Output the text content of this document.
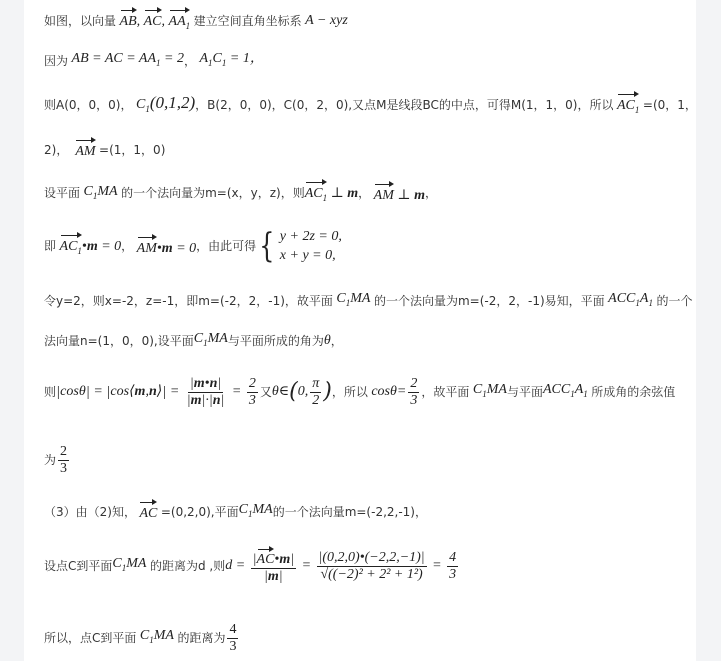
如图，以向量 AB, AC, $AA_1$ 建立空间直角坐标系 A − xyz
因为 AB = AC = $AA_1 = 2$ ， $A_1C_1 = 1$，
则A(0，0，0)， $C_1(0,1,2)$ ，B(2，0，0)，C(0，2，0),又点M是线段BC的中点，可得M(1，1，0)，所以 $AC_1 =(0$，1，
2)， AM =(1，1，0)
设平面 $C_1MA$ 的一个法向量为m=(x，y，z)，则 $AC_1$ ⊥ m ， AM ⊥ m ，
即 $AC_1•m = 0$ ， AM•m = 0 ，由此可得 { y + 2z = 0,
x + y = 0,
令y=2，则x=-2，z=-1，即m=(-2，2，-1)，故平面 $C_1MA$ 的一个法向量为m=(-2，2，-1)易知，平面 $ACC_1A_1$ 的一个
法向量n=(1，0，0),设平面 $C_1MA$ 与平面所成的角为 θ ，
则 | cos θ | = | cos ⟨ m , n ⟩ | = $\frac{|m•n|}{|m|\cdot|n|} = \frac{2}{3}$ 又 θ ∈ ( 0, $\frac{\pi}{2}$ ) ，所以
$\cos \theta = \frac{2}{3}$ ，故平面 $C_1MA$ 与平面 $ACC_1A_1$ 所成角的余弦值
为 $\frac{2}{3}$
（3）由（2)知， AC =(0,2,0),平面 $C_1MA$ 的一个法向量m=(-2,2,-1)，
设点C到平面 $C_1MA$ 的距离为d ,则 $d = \frac{|AC•m|}{|m|} = \frac{|(0,2,0)•(-2,2,-1)|}{\text{√((−2)² + 2² + 1²)}} = \frac{4}{3}$
所以，点C到平面 $C_1MA$ 的距离为 $\frac{4}{3}$
